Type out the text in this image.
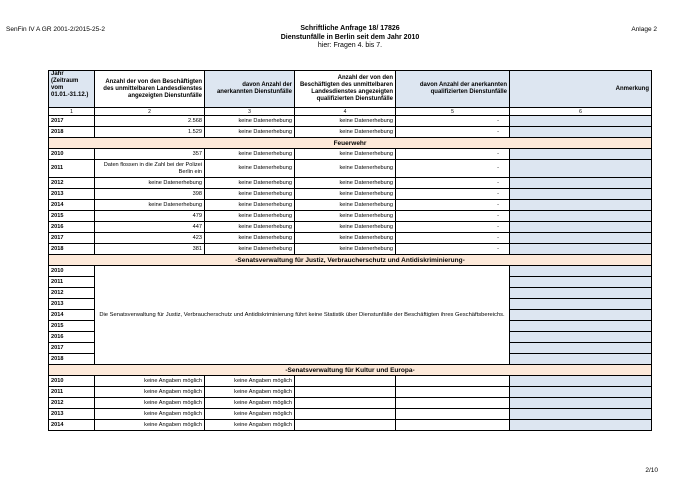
SenFin IV A GR 2001-2/2015-25-2	Anlage 2
Schriftliche Anfrage 18/ 17826
Dienstunfälle in Berlin seit dem Jahr 2010
hier: Fragen 4. bis 7.
Jahr (Zeitraum vom 01.01.-31.12.)	Anzahl der von den Beschäftigten des unmittelbaren Landesdienstes angezeigten Dienstunfälle	davon Anzahl der anerkannten Dienstunfälle	Anzahl der von den Beschäftigten des unmittelbaren Landesdienstes angezeigten qualifizierten Dienstunfälle	davon Anzahl der anerkannten qualifizierten Dienstunfälle	Anmerkung
1	2	3	4	5	6
2017	2.568	keine Datenerhebung	keine Datenerhebung	-	
2018	1.529	keine Datenerhebung	keine Datenerhebung	-	
Feuerwehr					
2010	357	keine Datenerhebung	keine Datenerhebung	-	
2011	Daten flossen in die Zahl bei der Polizei Berlin ein	keine Datenerhebung	keine Datenerhebung	-	
2012	keine Datenerhebung	keine Datenerhebung	keine Datenerhebung	-	
2013	398	keine Datenerhebung	keine Datenerhebung	-	
2014	keine Datenerhebung	keine Datenerhebung	keine Datenerhebung	-	
2015	479	keine Datenerhebung	keine Datenerhebung	-	
2016	447	keine Datenerhebung	keine Datenerhebung	-	
2017	423	keine Datenerhebung	keine Datenerhebung	-	
2018	381	keine Datenerhebung	keine Datenerhebung	-	
-Senatsverwaltung für Justiz, Verbraucherschutz und Antidiskriminierung-					
2010	Die Senatsverwaltung für Justiz, Verbraucherschutz und Antidiskriminierung führt keine Statistik über Dienstunfälle der Beschäftigten ihres Geschäftsbereichs.				
2011					
2012					
2013					
2014					
2015					
2016					
2017					
2018					
-Senatsverwaltung für Kultur und Europa-					
2010	keine Angaben möglich	keine Angaben möglich			
2011	keine Angaben möglich	keine Angaben möglich			
2012	keine Angaben möglich	keine Angaben möglich			
2013	keine Angaben möglich	keine Angaben möglich			
2014	keine Angaben möglich	keine Angaben möglich			
2/10
